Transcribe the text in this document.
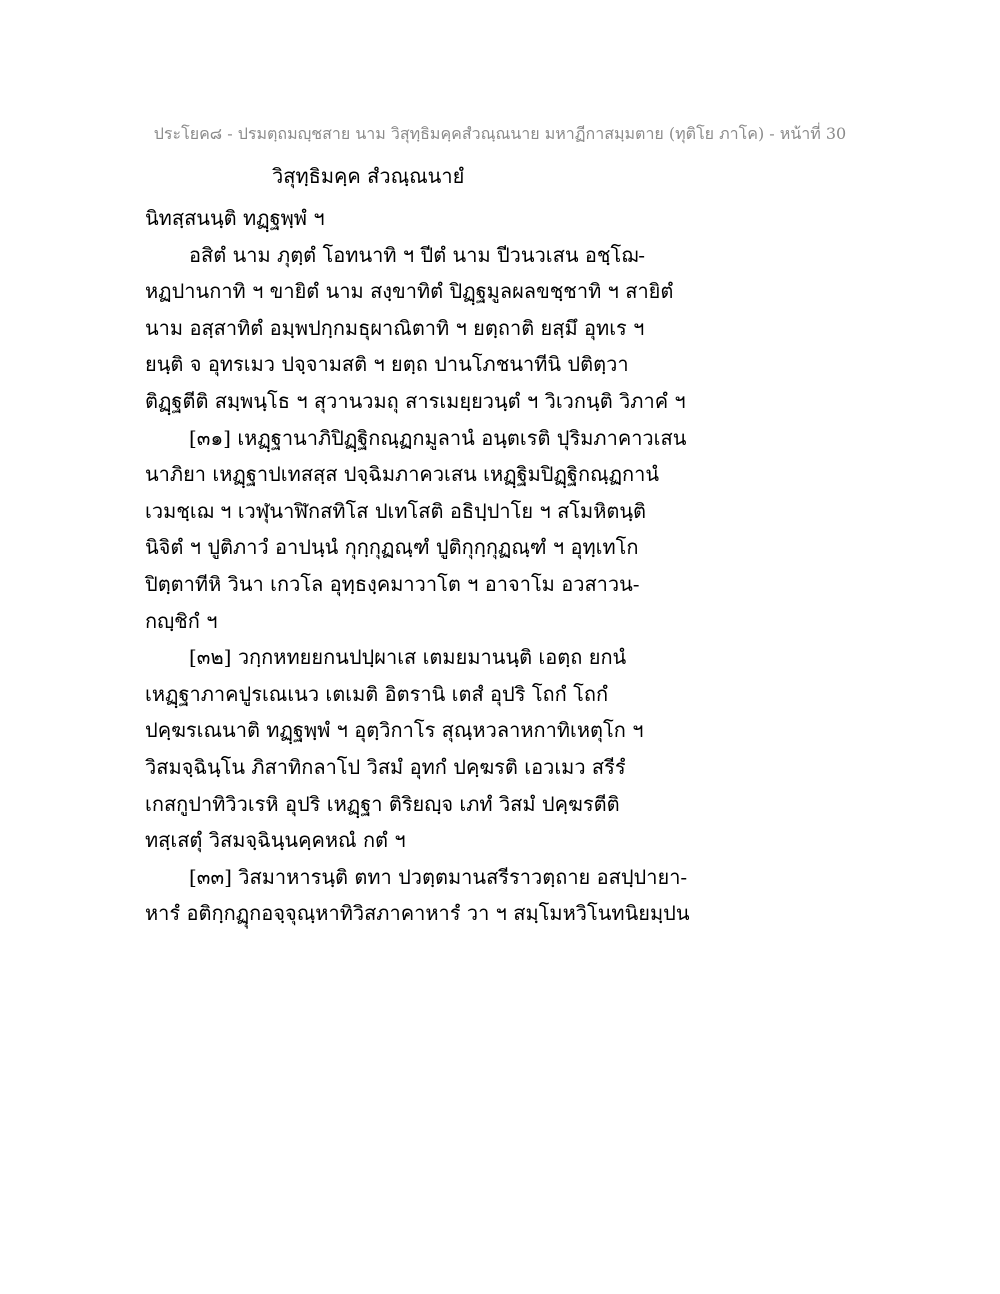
ประโยค๘ - ปรมตฺถมญฺชสาย นาม วิสุทฺธิมคฺคสํวณฺณนาย มหาฏีกาสมฺมตาย (ทุติโย ภาโค) - หน้าที่ 30
วิสุทฺธิมคฺค สํวณฺณนายํ
นิทสฺสนนฺติ ทฏฺฐพฺพํ ฯ
อสิตํ นาม ภุตฺตํ โอทนาทิ ฯ ปีตํ นาม ปีวนวเสน อชฺโฌ-
หฏปานกาทิ ฯ ขายิตํ นาม สงฺขาทิตํ ปิฏฺฐมูลผลขชฺชาทิ ฯ สายิตํ
นาม อสฺสาทิตํ อมฺพปกฺกมธุผาณิตาทิ ฯ ยตฺถาติ ยสฺมึ อุทเร ฯ
ยนฺติ จ อุทรเมว ปจฺจามสติ ฯ ยตฺถ ปานโภชนาทีนิ ปติตฺวา
ติฏฺฐตีติ สมฺพนฺโธ ฯ สุวานวมถุ สารเมยฺยวนฺตํ ฯ วิเวกนฺติ วิภาคํ ฯ
[๓๑] เหฏฺฐานาภิปิฏฺฐิกณฺฏกมูลานํ อนฺตเรติ ปุริมภาคาวเสน
นาภิยา เหฏฺฐาปเทสสฺส ปจฺฉิมภาควเสน เหฏฺฐิมปิฏฺฐิกณฺฏกานํ
เวมชฺเฌ ฯ เวฬุนาฬิกสทิโส ปเทโสติ อธิปฺปาโย ฯ สโมหิตนฺติ
นิจิตํ ฯ ปูติภาวํ อาปนฺนํ กุกฺกุฏณฺฑํ ปูติกุกฺกุฏณฺฑํ ฯ อุทฺเทโก
ปิตฺตาทีหิ วินา เกวโล อุทฺธงฺคมาวาโต ฯ อาจาโม อวสาวน-
กญฺชิกํ ฯ
[๓๒] วกฺกหทยยกนปปฺผาเส เตมยมานนฺติ เอตฺถ ยกนํ
เหฏฺฐาภาคปูรเณเนว เตเมติ อิตรานิ เตสํ อุปริ โถกํ โถกํ
ปคฺฆรเณนาติ ทฏฺฐพฺพํ ฯ อุตฺวิกาโร สุณฺหวลาหกาทิเหตุโก ฯ
วิสมจฺฉินฺโน ภิสาทิกลาโป วิสมํ อุทกํ ปคฺฆรติ เอวเมว สรีรํ
เกสกูปาทิวิวเรหิ อุปริ เหฏฺฐา ติริยญฺจ เภทํ วิสมํ ปคฺฆรตีติ
ทสฺเสตุํ วิสมจฺฉินฺนคฺคหณํ กตํ ฯ
[๓๓] วิสมาหารนฺติ ตทา ปวตฺตมานสรีราวตฺถาย อสปฺปายา-
หารํ อติกฺกฏุกอจฺจุณฺหาทิวิสภาคาหารํ วา ฯ สมฺโมหวิโนทนิยมฺปน
